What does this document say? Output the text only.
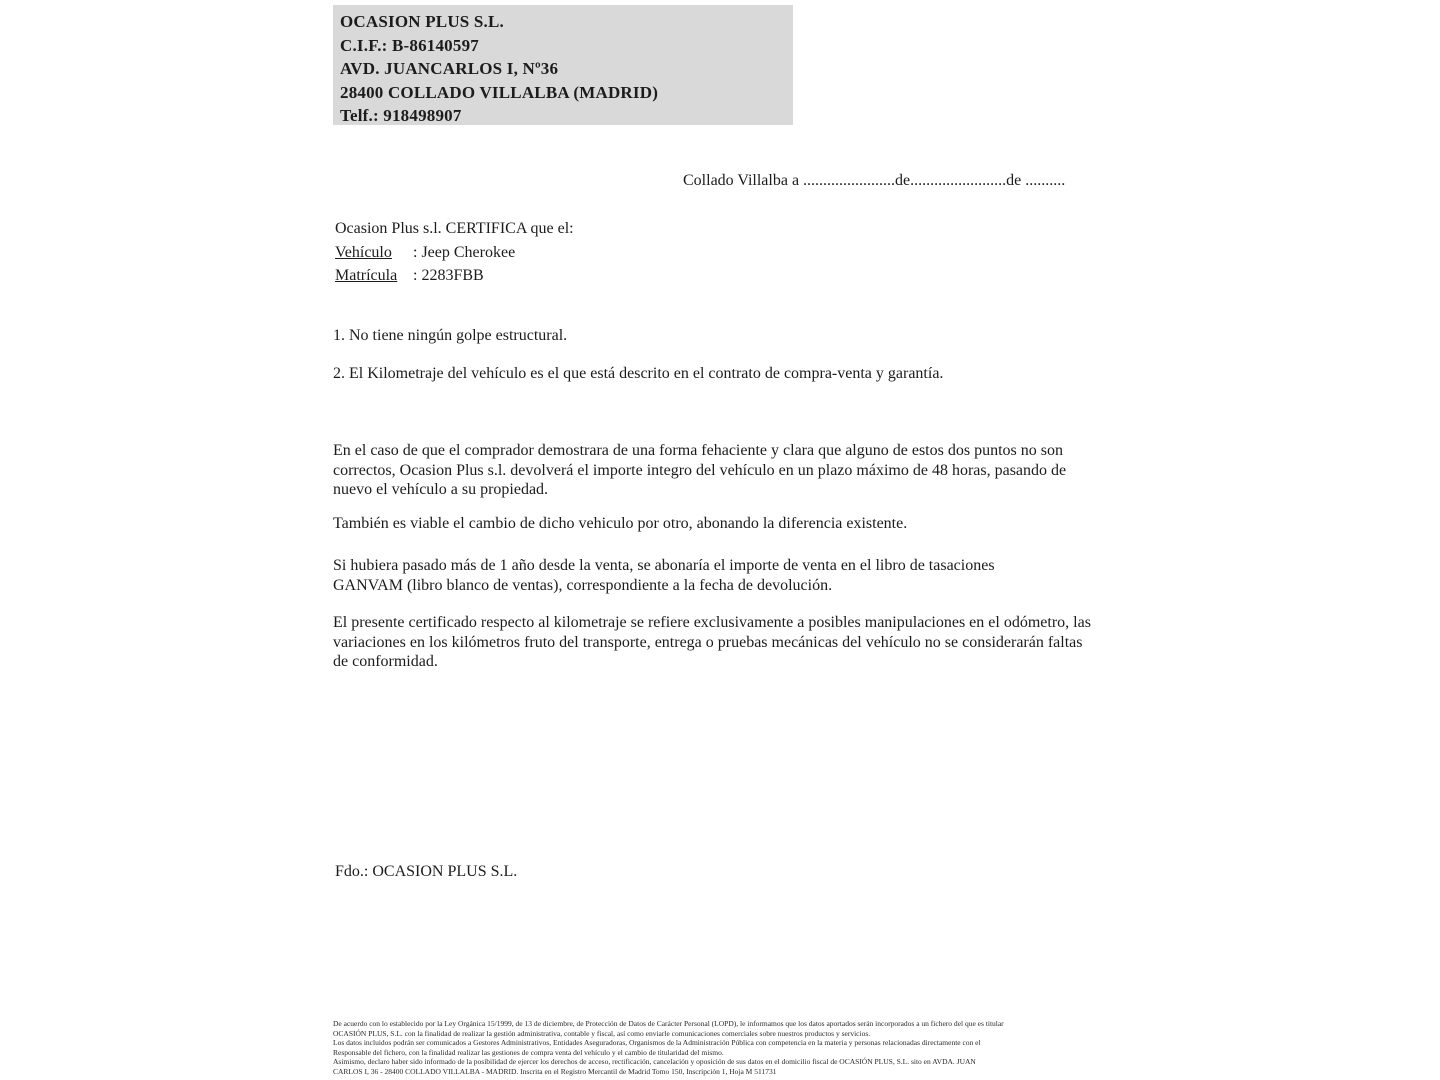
OCASION PLUS S.L.
C.I.F.: B-86140597
AVD. JUANCARLOS I, Nº36
28400 COLLADO VILLALBA (MADRID)
Telf.: 918498907
Collado Villalba a .......................de........................de ..........
Ocasion Plus s.l. CERTIFICA que el:
Vehículo : Jeep Cherokee
Matrícula : 2283FBB
1. No tiene ningún golpe estructural.
2. El Kilometraje del vehículo es el que está descrito en el contrato de compra-venta y garantía.
En el caso de que el comprador demostrara de una forma fehaciente y clara que alguno de estos dos puntos no son correctos, Ocasion Plus s.l. devolverá el importe integro del vehículo en un plazo máximo de 48 horas, pasando de nuevo el vehículo a su propiedad.
También es viable el cambio de dicho vehiculo por otro, abonando la diferencia existente.
Si hubiera pasado más de 1 año desde la venta, se abonaría el importe de venta en el libro de tasaciones GANVAM (libro blanco de ventas), correspondiente a la fecha de devolución.
El presente certificado respecto al kilometraje se refiere exclusivamente a posibles manipulaciones en el odómetro, las variaciones en los kilómetros fruto del transporte, entrega o pruebas mecánicas del vehículo no se considerarán faltas de conformidad.
Fdo.: OCASION PLUS S.L.
De acuerdo con lo establecido por la Ley Orgánica 15/1999, de 13 de diciembre, de Protección de Datos de Carácter Personal (LOPD), le informamos que los datos aportados serán incorporados a un fichero del que es titular
OCASIÓN PLUS, S.L. con la finalidad de realizar la gestión administrativa, contable y fiscal, así como enviarle comunicaciones comerciales sobre nuestros productos y servicios.
Los datos incluidos podrán ser comunicados a Gestores Administrativos, Entidades Aseguradoras, Organismos de la Administración Pública con competencia en la materia y personas relacionadas directamente con el
Responsable del fichero, con la finalidad realizar las gestiones de compra venta del vehículo y el cambio de titularidad del mismo.
Asimismo, declaro haber sido informado de la posibilidad de ejercer los derechos de acceso, rectificación, cancelación y oposición de sus datos en el domicilio fiscal de OCASIÓN PLUS, S.L. sito en AVDA. JUAN
CARLOS I, 36 - 28400 COLLADO VILLALBA - MADRID. Inscrita en el Registro Mercantil de Madrid Tomo 150, Inscripción 1, Hoja M 511731
